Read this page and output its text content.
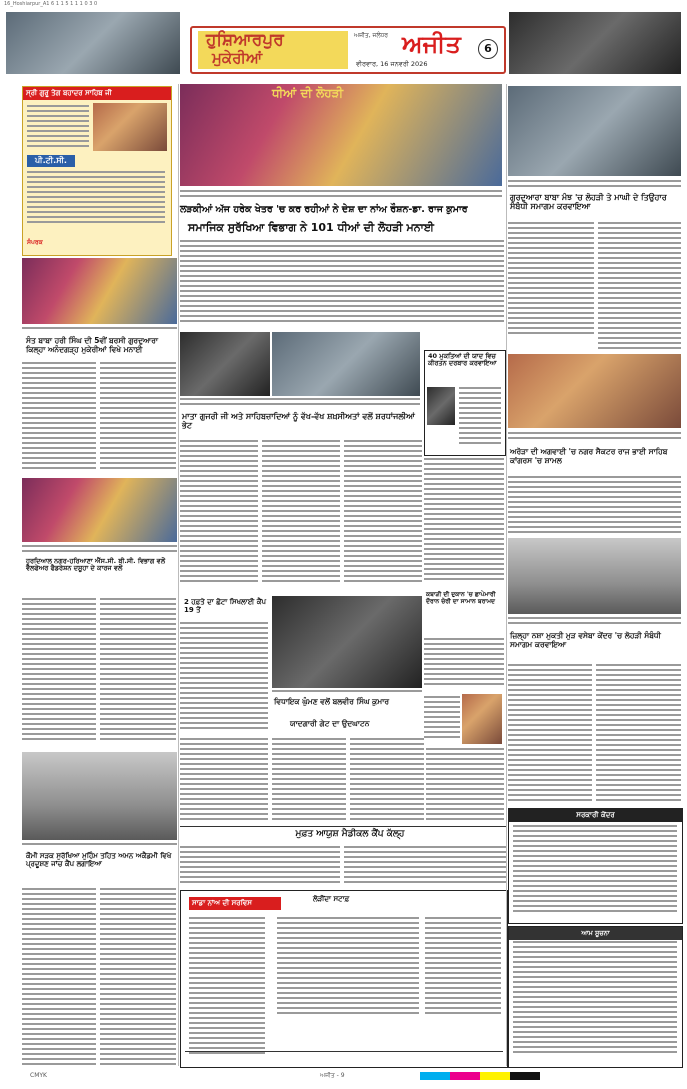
16_Hoshiarpur_A1 6 1 1 5 1 1 1 0 3 0
ਹੁਸ਼ਿਆਰਪੁਰ
ਮੁਕੇਰੀਆਂ
ਅਜੀਤ, ਜਲੰਧਰ ਅਜੀਤ
ਵੀਰਵਾਰ, 16 ਜਨਵਰੀ 2026
6
ਸ੍ਰੀ ਗੁਰੂ ਤੇਗ ਬਹਾਦਰ ਸਾਹਿਬ ਜੀ
ਪੀ.ਟੀ.ਸੀ.
ਸੰਪਰਕ
ਧੀਆਂ ਦੀ ਲੋਹੜੀ
ਲੜਕੀਆਂ ਅੱਜ ਹਰੇਕ ਖੇਤਰ 'ਚ ਕਰ ਰਹੀਆਂ ਨੇ ਦੇਸ਼ ਦਾ ਨਾਂਅ ਰੌਸ਼ਨ-ਡਾ. ਰਾਜ ਕੁਮਾਰ
ਸਮਾਜਿਕ ਸੁਰੱਖਿਆ ਵਿਭਾਗ ਨੇ 101 ਧੀਆਂ ਦੀ ਲੋਹੜੀ ਮਨਾਈ
ਗੁਰਦੁਆਰਾ ਬਾਬਾ ਮੰਝ 'ਚ ਲੋਹੜੀ ਤੇ ਮਾਘੀ ਦੇ ਤਿਉਹਾਰ ਸੰਬੰਧੀ ਸਮਾਗਮ ਕਰਵਾਇਆ
ਸੰਤ ਬਾਬਾ ਹਰੀ ਸਿੰਘ ਦੀ 5ਵੀਂ ਬਰਸੀ ਗੁਰਦੁਆਰਾ ਕਿਲ੍ਹਾ ਅਨੰਦਗੜ੍ਹ ਮੁਕੇਰੀਆਂ ਵਿਖੇ ਮਨਾਈ
40 ਮੁਕਤਿਆਂ ਦੀ ਯਾਦ ਵਿਚ ਕੀਰਤਨ ਦਰਬਾਰ ਕਰਵਾਇਆ
ਮਾਤਾ ਗੁਜਰੀ ਜੀ ਅਤੇ ਸਾਹਿਬਜ਼ਾਦਿਆਂ ਨੂੰ ਵੱਖ-ਵੱਖ ਸ਼ਖ਼ਸੀਅਤਾਂ ਵਲੋਂ ਸ਼ਰਧਾਂਜਲੀਆਂ ਭੇਟ
ਹਰਦਿਆਲ ਨਗਰ-ਹਰਿਆਣਾ ਐੱਸ.ਸੀ. ਬੀ.ਸੀ. ਵਿਭਾਗ ਵਲੋਂ ਵੈੱਲਫੇਅਰ ਫੈਡਰੇਸ਼ਨ ਦਸੂਹਾ ਦੇ ਕਾਰਜ ਵਲੋਂ
ਅਰੋੜਾ ਦੀ ਅਗਵਾਈ 'ਚ ਨਗਰ ਸੈਕਟਰ ਰਾਜ ਭਾਈ ਸਾਹਿਬ ਕਾਂਗਰਸ 'ਚ ਸ਼ਾਮਲ
2 ਹਫ਼ਤੇ ਦਾ ਛੋਟਾ ਸਿਖਲਾਈ ਕੈਂਪ 19 ਤੋਂ
ਵਿਧਾਇਕ ਘੁੰਮਣ ਵਲੋਂ ਬਲਵੀਰ ਸਿੰਘ ਕੁਮਾਰ
ਯਾਦਗਾਰੀ ਗੇਟ ਦਾ ਉਦਘਾਟਨ
ਕਬਾੜੀ ਦੀ ਦੁਕਾਨ 'ਚ ਛਾਪੇਮਾਰੀ ਦੌਰਾਨ ਚੋਰੀ ਦਾ ਸਾਮਾਨ ਬਰਾਮਦ
ਜ਼ਿਲ੍ਹਾ ਨਸ਼ਾ ਮੁਕਤੀ ਮੁੜ ਵਸੇਬਾ ਕੇਂਦਰ 'ਚ ਲੋਹੜੀ ਸੰਬੰਧੀ ਸਮਾਗਮ ਕਰਵਾਇਆ
ਕੌਮੀ ਸੜਕ ਸੁਰੱਖਿਆ ਮੁਹਿੰਮ ਤਹਿਤ ਅਮਨ ਅਕੈਡਮੀ ਵਿਖੇ ਪ੍ਰਦੂਸ਼ਣ ਜਾਂਚ ਕੈਂਪ ਲਗਾਇਆ
ਮੁਫ਼ਤ ਆਯੁਸ਼ ਮੈਡੀਕਲ ਕੈਂਪ ਕੱਲ੍ਹ
ਸਾਡਾ ਨਾਂਅ ਦੀ ਸਰਵਿਸ	ਲੋੜੀਂਦਾ ਸਟਾਫ਼
ਸਰਕਾਰੀ ਕੇਂਦਰ
ਆਮ ਸੂਚਨਾ
CMYK	ਅਜੀਤ - 9
